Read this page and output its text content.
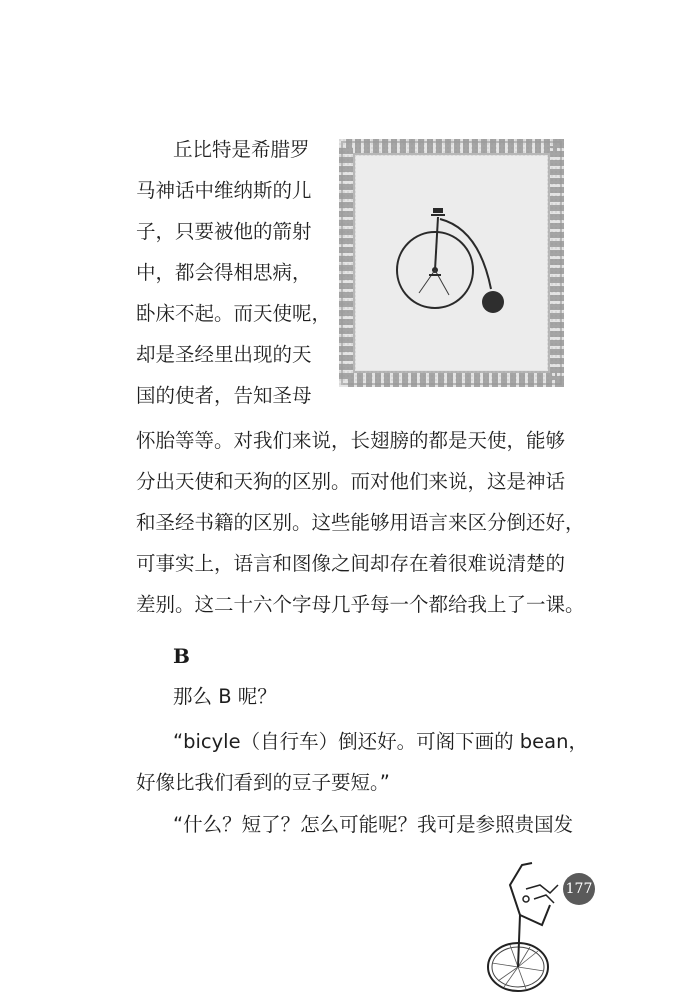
丘比特是希腊罗
马神话中维纳斯的儿
子，只要被他的箭射
中，都会得相思病，
卧床不起。而天使呢，
却是圣经里出现的天
国的使者，告知圣母
怀胎等等。对我们来说，长翅膀的都是天使，能够
分出天使和天狗的区别。而对他们来说，这是神话
和圣经书籍的区别。这些能够用语言来区分倒还好，
可事实上，语言和图像之间却存在着很难说清楚的
差别。这二十六个字母几乎每一个都给我上了一课。
B
那么 B 呢？
“bicyle（自行车）倒还好。可阁下画的 bean，
好像比我们看到的豆子要短。”
“什么？短了？怎么可能呢？我可是参照贵国发
177
